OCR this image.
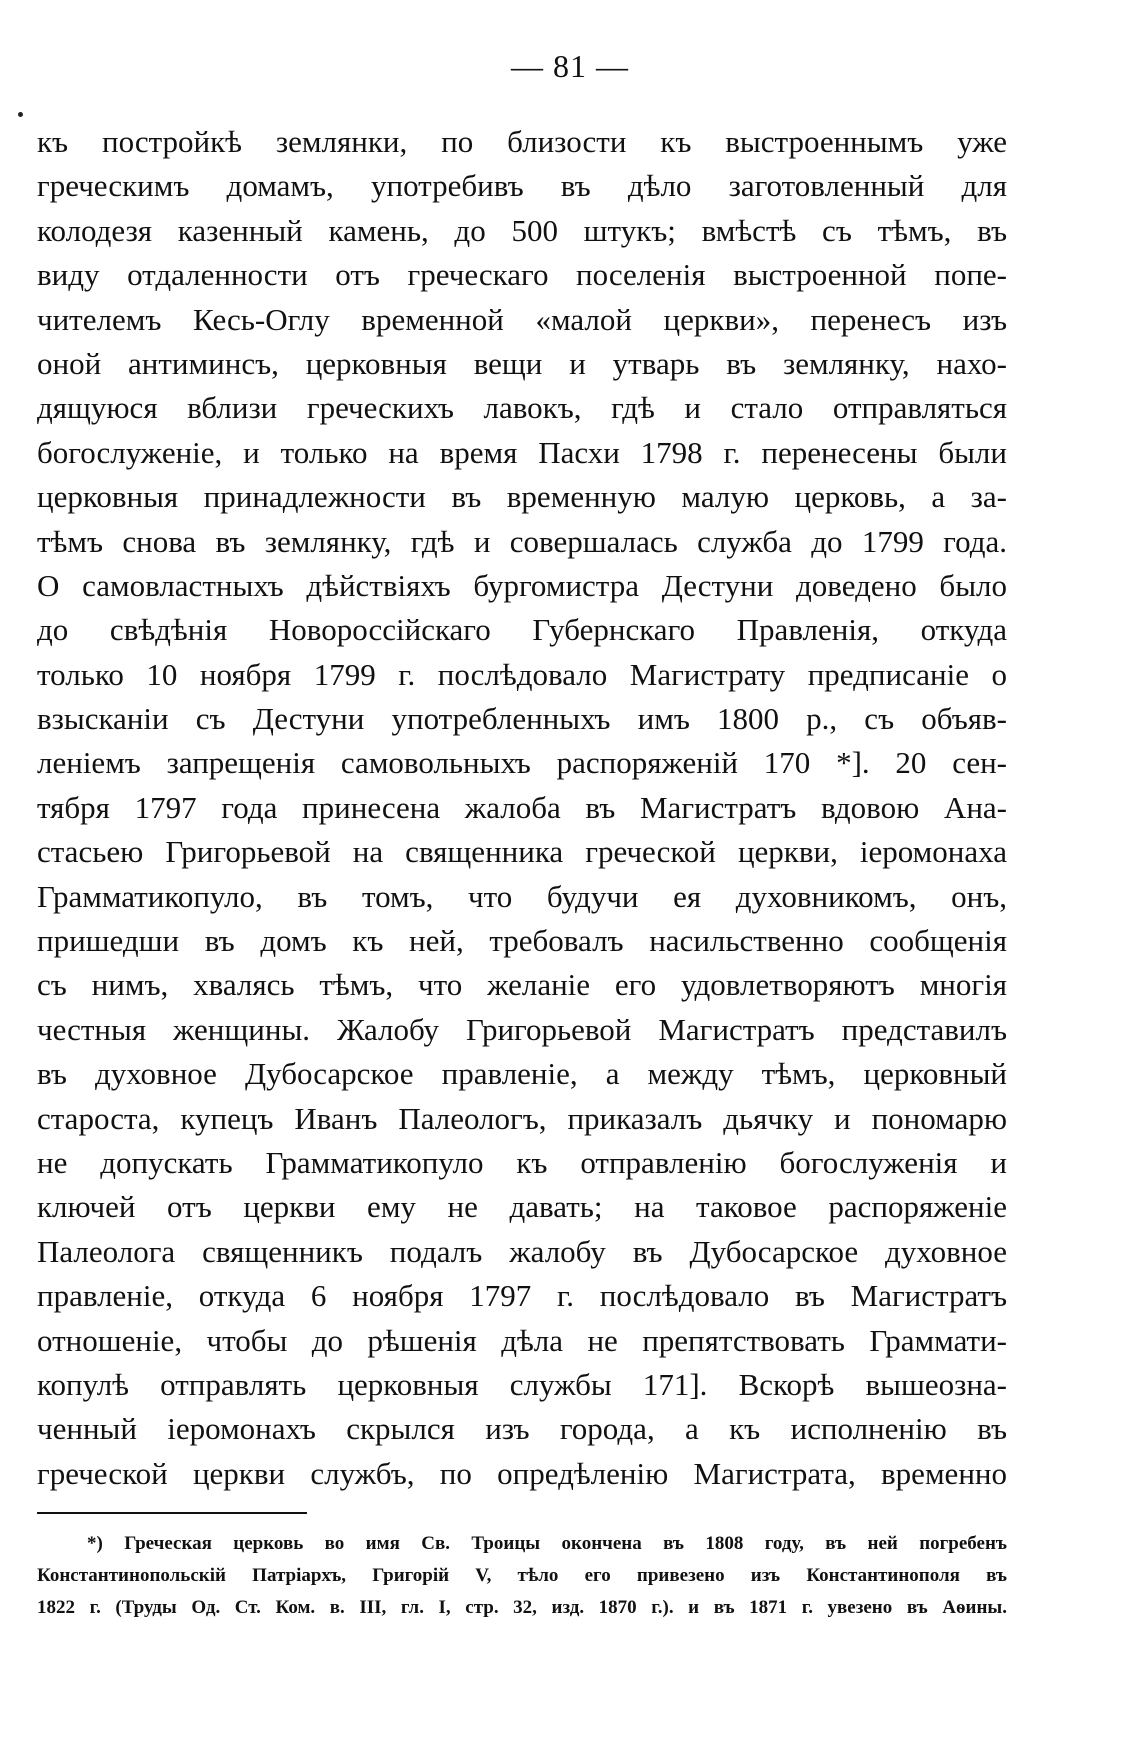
— 81 —
къ постройкѣ землянки, по близости къ выстроеннымъ уже
греческимъ домамъ, употребивъ въ дѣло заготовленный для
колодезя казенный камень, до 500 штукъ; вмѣстѣ съ тѣмъ, въ
виду отдаленности отъ греческаго поселенія выстроенной попе-
чителемъ Кесь-Оглу временной «малой церкви», перенесъ изъ
оной антиминсъ, церковныя вещи и утварь въ землянку, нахо-
дящуюся вблизи греческихъ лавокъ, гдѣ и стало отправляться
богослуженіе, и только на время Пасхи 1798 г. перенесены были
церковныя принадлежности въ временную малую церковь, а за-
тѣмъ снова въ землянку, гдѣ и совершалась служба до 1799 года.
О самовластныхъ дѣйствіяхъ бургомистра Дестуни доведено было
до свѣдѣнія Новороссійскаго Губернскаго Правленія, откуда
только 10 ноября 1799 г. послѣдовало Магистрату предписаніе о
взысканіи съ Дестуни употребленныхъ имъ 1800 р., съ объяв-
леніемъ запрещенія самовольныхъ распоряженій 170 *]. 20 сен-
тября 1797 года принесена жалоба въ Магистратъ вдовою Ана-
стасьею Григорьевой на священника греческой церкви, іеромонаха
Грамматикопуло, въ томъ, что будучи ея духовникомъ, онъ,
пришедши въ домъ къ ней, требовалъ насильственно сообщенія
съ нимъ, хвалясь тѣмъ, что желаніе его удовлетворяютъ многія
честныя женщины. Жалобу Григорьевой Магистратъ представилъ
въ духовное Дубосарское правленіе, а между тѣмъ, церковный
староста, купецъ Иванъ Палеологъ, приказалъ дьячку и пономарю
не допускать Грамматикопуло къ отправленію богослуженія и
ключей отъ церкви ему не давать; на таковое распоряженіе
Палеолога священникъ подалъ жалобу въ Дубосарское духовное
правленіе, откуда 6 ноября 1797 г. послѣдовало въ Магистратъ
отношеніе, чтобы до рѣшенія дѣла не препятствовать Граммати-
копулѣ отправлять церковныя службы 171]. Вскорѣ вышеозна-
ченный іеромонахъ скрылся изъ города, а къ исполненію въ
греческой церкви службъ, по опредѣленію Магистрата, временно
*) Греческая церковь во имя Св. Троицы окончена въ 1808 году, въ ней погребенъ
Константинопольскій Патріархъ, Григорій V, тѣло его привезено изъ Константинополя въ
1822 г. (Труды Од. Ст. Ком. в. III, гл. I, стр. 32, изд. 1870 г.). и въ 1871 г. увезено въ Аѳины.
